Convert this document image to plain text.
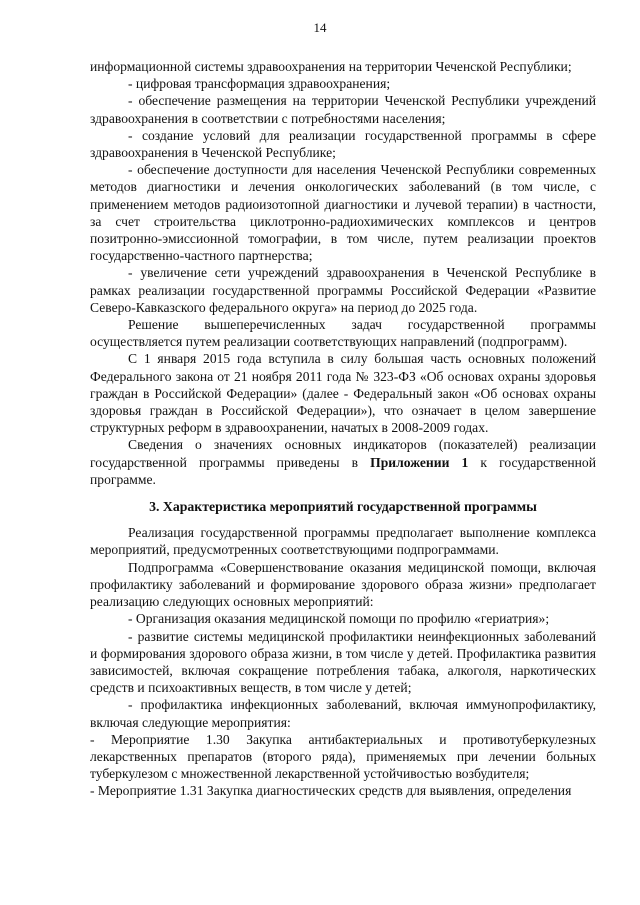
14

информационной системы здравоохранения на территории Чеченской Республики;

- цифровая трансформация здравоохранения;

- обеспечение размещения на территории Чеченской Республики учреждений здравоохранения в соответствии с потребностями населения;

- создание условий для реализации государственной программы в сфере здравоохранения в Чеченской Республике;

- обеспечение доступности для населения Чеченской Республики современных методов диагностики и лечения онкологических заболеваний (в том числе, с применением методов радиоизотопной диагностики и лучевой терапии) в частности, за счет строительства циклотронно-радиохимических комплексов и центров позитронно-эмиссионной томографии, в том числе, путем реализации проектов государственно-частного партнерства;

- увеличение сети учреждений здравоохранения в Чеченской Республике в рамках реализации государственной программы Российской Федерации «Развитие Северо-Кавказского федерального округа» на период до 2025 года.

Решение вышеперечисленных задач государственной программы осуществляется путем реализации соответствующих направлений (подпрограмм).

С 1 января 2015 года вступила в силу большая часть основных положений Федерального закона от 21 ноября 2011 года № 323-ФЗ «Об основах охраны здоровья граждан в Российской Федерации» (далее - Федеральный закон «Об основах охраны здоровья граждан в Российской Федерации»), что означает в целом завершение структурных реформ в здравоохранении, начатых в 2008-2009 годах.

Сведения о значениях основных индикаторов (показателей) реализации государственной программы приведены в Приложении 1 к государственной программе.

3. Характеристика мероприятий государственной программы

Реализация государственной программы предполагает выполнение комплекса мероприятий, предусмотренных соответствующими подпрограммами.

Подпрограмма «Совершенствование оказания медицинской помощи, включая профилактику заболеваний и формирование здорового образа жизни» предполагает реализацию следующих основных мероприятий:

- Организация оказания медицинской помощи по профилю «гериатрия»;

- развитие системы медицинской профилактики неинфекционных заболеваний и формирования здорового образа жизни, в том числе у детей. Профилактика развития зависимостей, включая сокращение потребления табака, алкоголя, наркотических средств и психоактивных веществ, в том числе у детей;

- профилактика инфекционных заболеваний, включая иммунопрофилактику, включая следующие мероприятия:

- Мероприятие 1.30 Закупка антибактериальных и противотуберкулезных лекарственных препаратов (второго ряда), применяемых при лечении больных туберкулезом с множественной лекарственной устойчивостью возбудителя;

- Мероприятие 1.31 Закупка диагностических средств для выявления, определения
